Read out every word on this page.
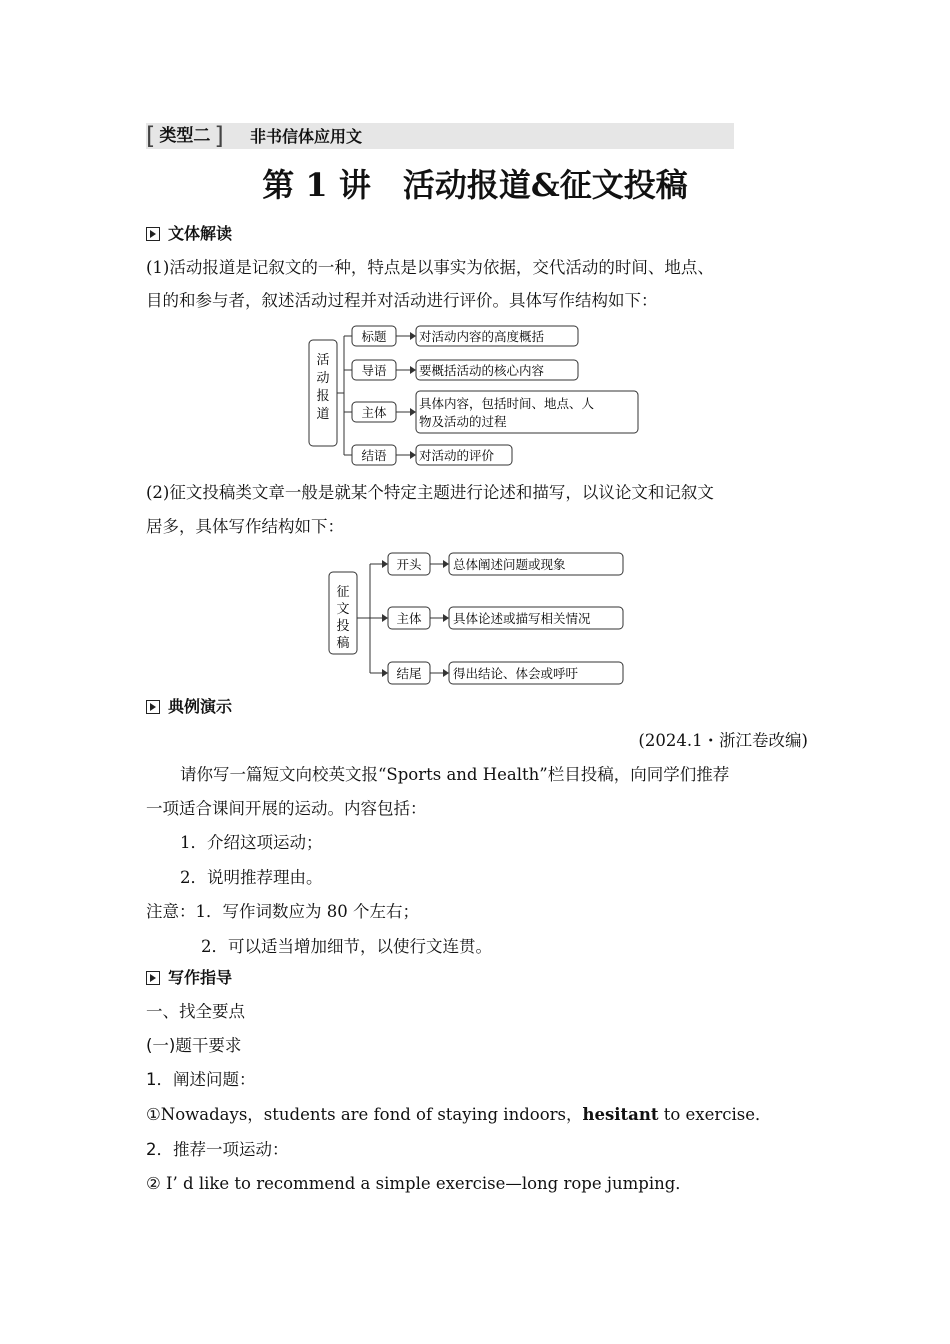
[ 类型二 ] 非书信体应用文
第 1 讲　活动报道&征文投稿
文体解读
(1)活动报道是记叙文的一种，特点是以事实为依据，交代活动的时间、地点、
目的和参与者，叙述活动过程并对活动进行评价。具体写作结构如下：
活
动
报
道
标题	对活动内容的高度概括
导语	要概括活动的核心内容
主体
具体内容，包括时间、地点、人
物及活动的过程
结语	对活动的评价
(2)征文投稿类文章一般是就某个特定主题进行论述和描写，以议论文和记叙文
居多，具体写作结构如下：
征
文
投
稿
开头	总体阐述问题或现象
主体	具体论述或描写相关情况
结尾	得出结论、体会或呼吁
典例演示
(2024.1・浙江卷改编)
请你写一篇短文向校英文报“Sports and Health”栏目投稿，向同学们推荐
一项适合课间开展的运动。内容包括：
1．介绍这项运动；
2．说明推荐理由。
注意：1．写作词数应为 80 个左右；
2．可以适当增加细节，以使行文连贯。
写作指导
一、找全要点
(一)题干要求
1．阐述问题：
①Nowadays，students are fond of staying indoors，hesitant to exercise．
2．推荐一项运动：
② I’ d like to recommend a simple exercise—long rope jumping．
